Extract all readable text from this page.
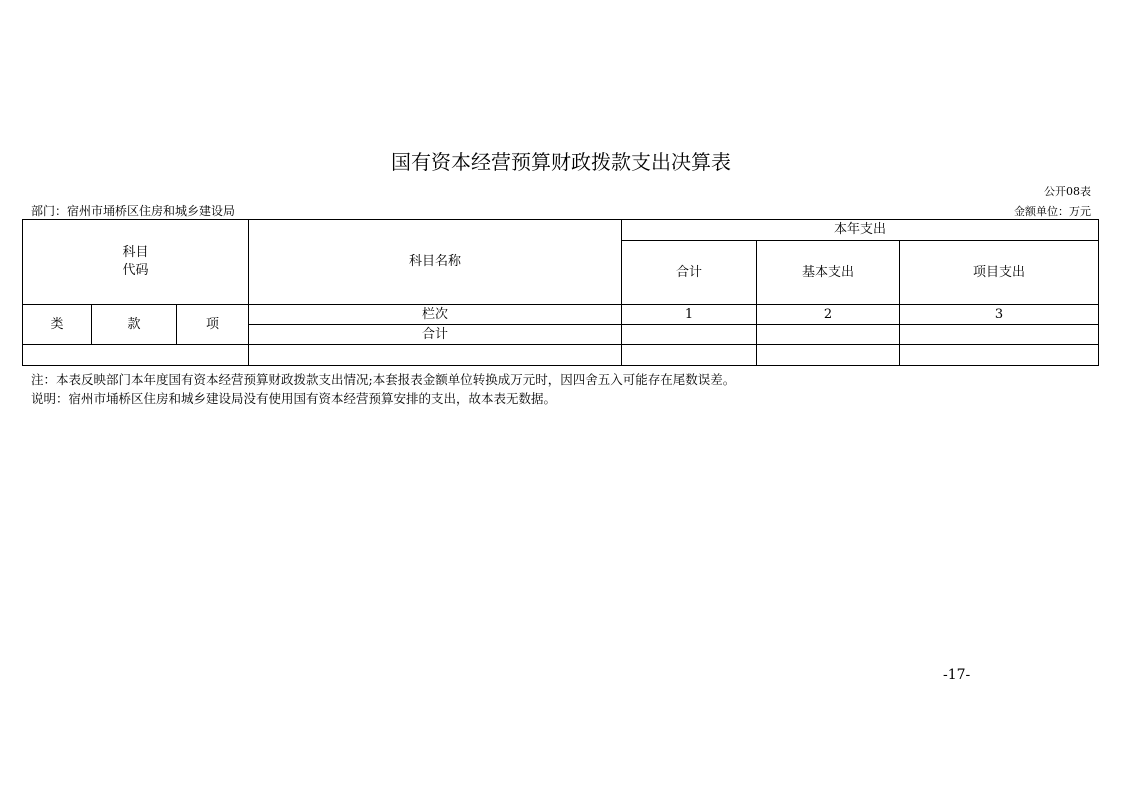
国有资本经营预算财政拨款支出决算表
公开08表
部门：宿州市埇桥区住房和城乡建设局	金额单位：万元
科目
代码			科目名称	本年支出		
				合计	基本支出	项目支出
类	款	项	栏次	1	2	3
			合计			

注：本表反映部门本年度国有资本经营预算财政拨款支出情况;本套报表金额单位转换成万元时，因四舍五入可能存在尾数误差。
说明：宿州市埇桥区住房和城乡建设局没有使用国有资本经营预算安排的支出，故本表无数据。
-17-
